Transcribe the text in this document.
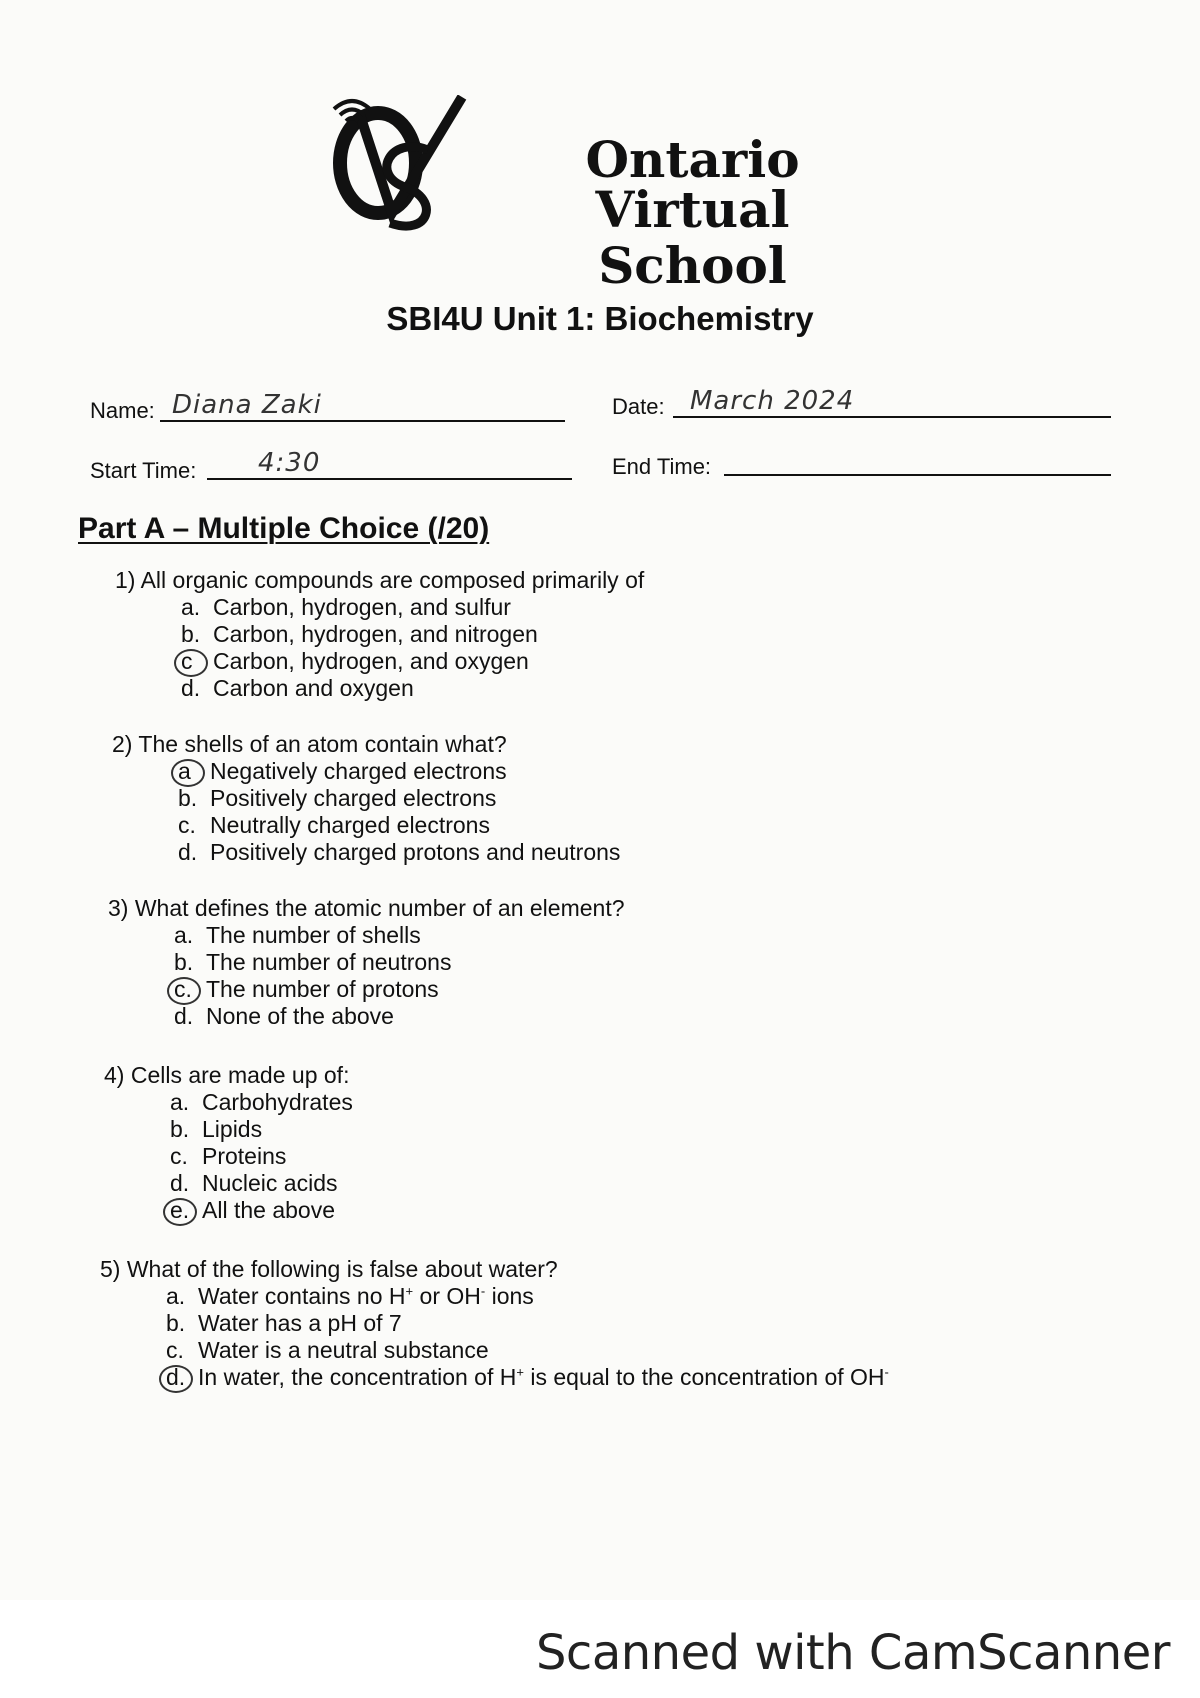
Ontario Virtual
School
SBI4U Unit 1: Biochemistry
Name: Diana Zaki	Date: March 2024
Start Time: 4:30	End Time:
Part A – Multiple Choice (/20)
1) All organic compounds are composed primarily of
a. Carbon, hydrogen, and sulfur
b. Carbon, hydrogen, and nitrogen
c Carbon, hydrogen, and oxygen
d. Carbon and oxygen
2) The shells of an atom contain what?
a Negatively charged electrons
b. Positively charged electrons
c. Neutrally charged electrons
d. Positively charged protons and neutrons
3) What defines the atomic number of an element?
a. The number of shells
b. The number of neutrons
c. The number of protons
d. None of the above
4) Cells are made up of:
a. Carbohydrates
b. Lipids
c. Proteins
d. Nucleic acids
e. All the above
5) What of the following is false about water?
a. Water contains no H+ or OH- ions
b. Water has a pH of 7
c. Water is a neutral substance
d. In water, the concentration of H+ is equal to the concentration of OH-
Scanned with CamScanner
